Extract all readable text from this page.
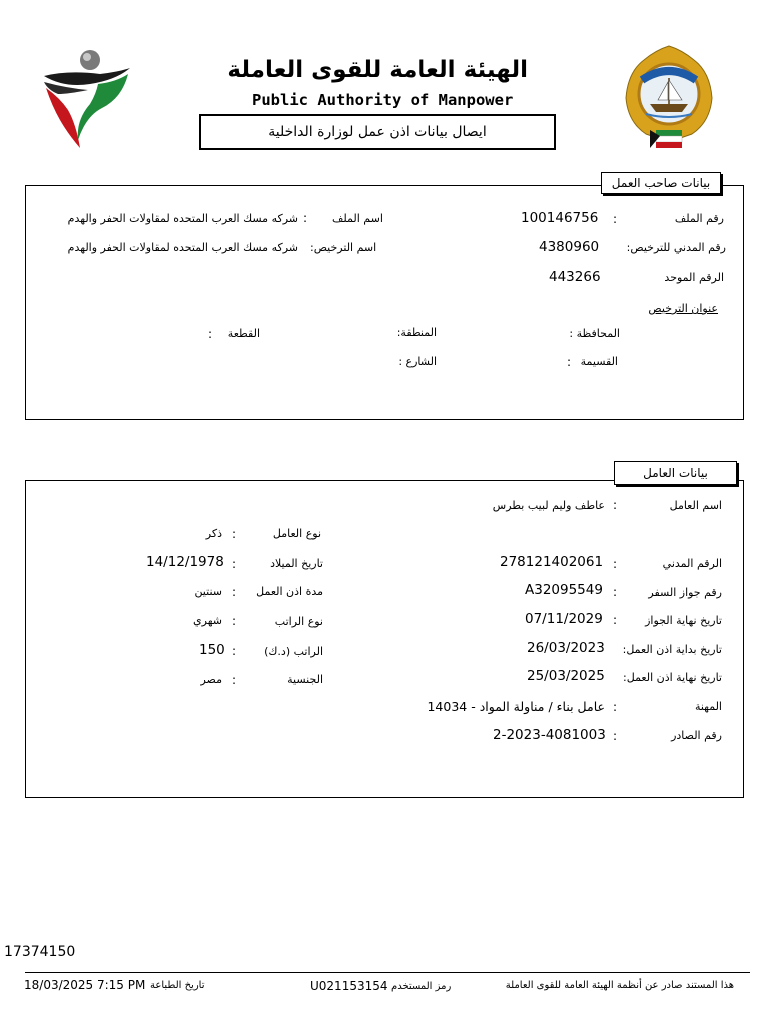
الهيئة العامة للقوى العاملة
Public Authority of Manpower
ايصال بيانات اذن عمل لوزارة الداخلية
بيانات صاحب العمل
رقم الملف
:
100146756
رقم المدني للترخيص:
4380960
الرقم الموحد
443266
اسم الملف
:
شركه مسك العرب المتحده لمقاولات الحفر والهدم
اسم الترخيص:
شركه مسك العرب المتحده لمقاولات الحفر والهدم
عنوان الترخيص
المحافظة :
المنطقة:
القطعة
:
القسيمة
:
الشارع :
بيانات العامل
اسم العامل
:
عاطف وليم لبيب بطرس
الرقم المدني
:
278121402061
رقم جواز السفر
:
A32095549
تاريخ نهاية الجواز
:
07/11/2029
تاريخ بداية اذن العمل:
26/03/2023
تاريخ نهاية اذن العمل:
25/03/2025
المهنة
:
عامل بناء / مناولة المواد - 14034
رقم الصادر
:
2-2023-4081003
نوع العامل
:
ذكر
تاريخ الميلاد
:
14/12/1978
مدة اذن العمل
:
سنتين
نوع الراتب
:
شهري
الراتب (د.ك)
:
150
الجنسية
:
مصر
17374150
18/03/2025 7:15 PM تاريخ الطباعة	U021153154 رمز المستخدم	هذا المستند صادر عن أنظمة الهيئة العامة للقوى العاملة
